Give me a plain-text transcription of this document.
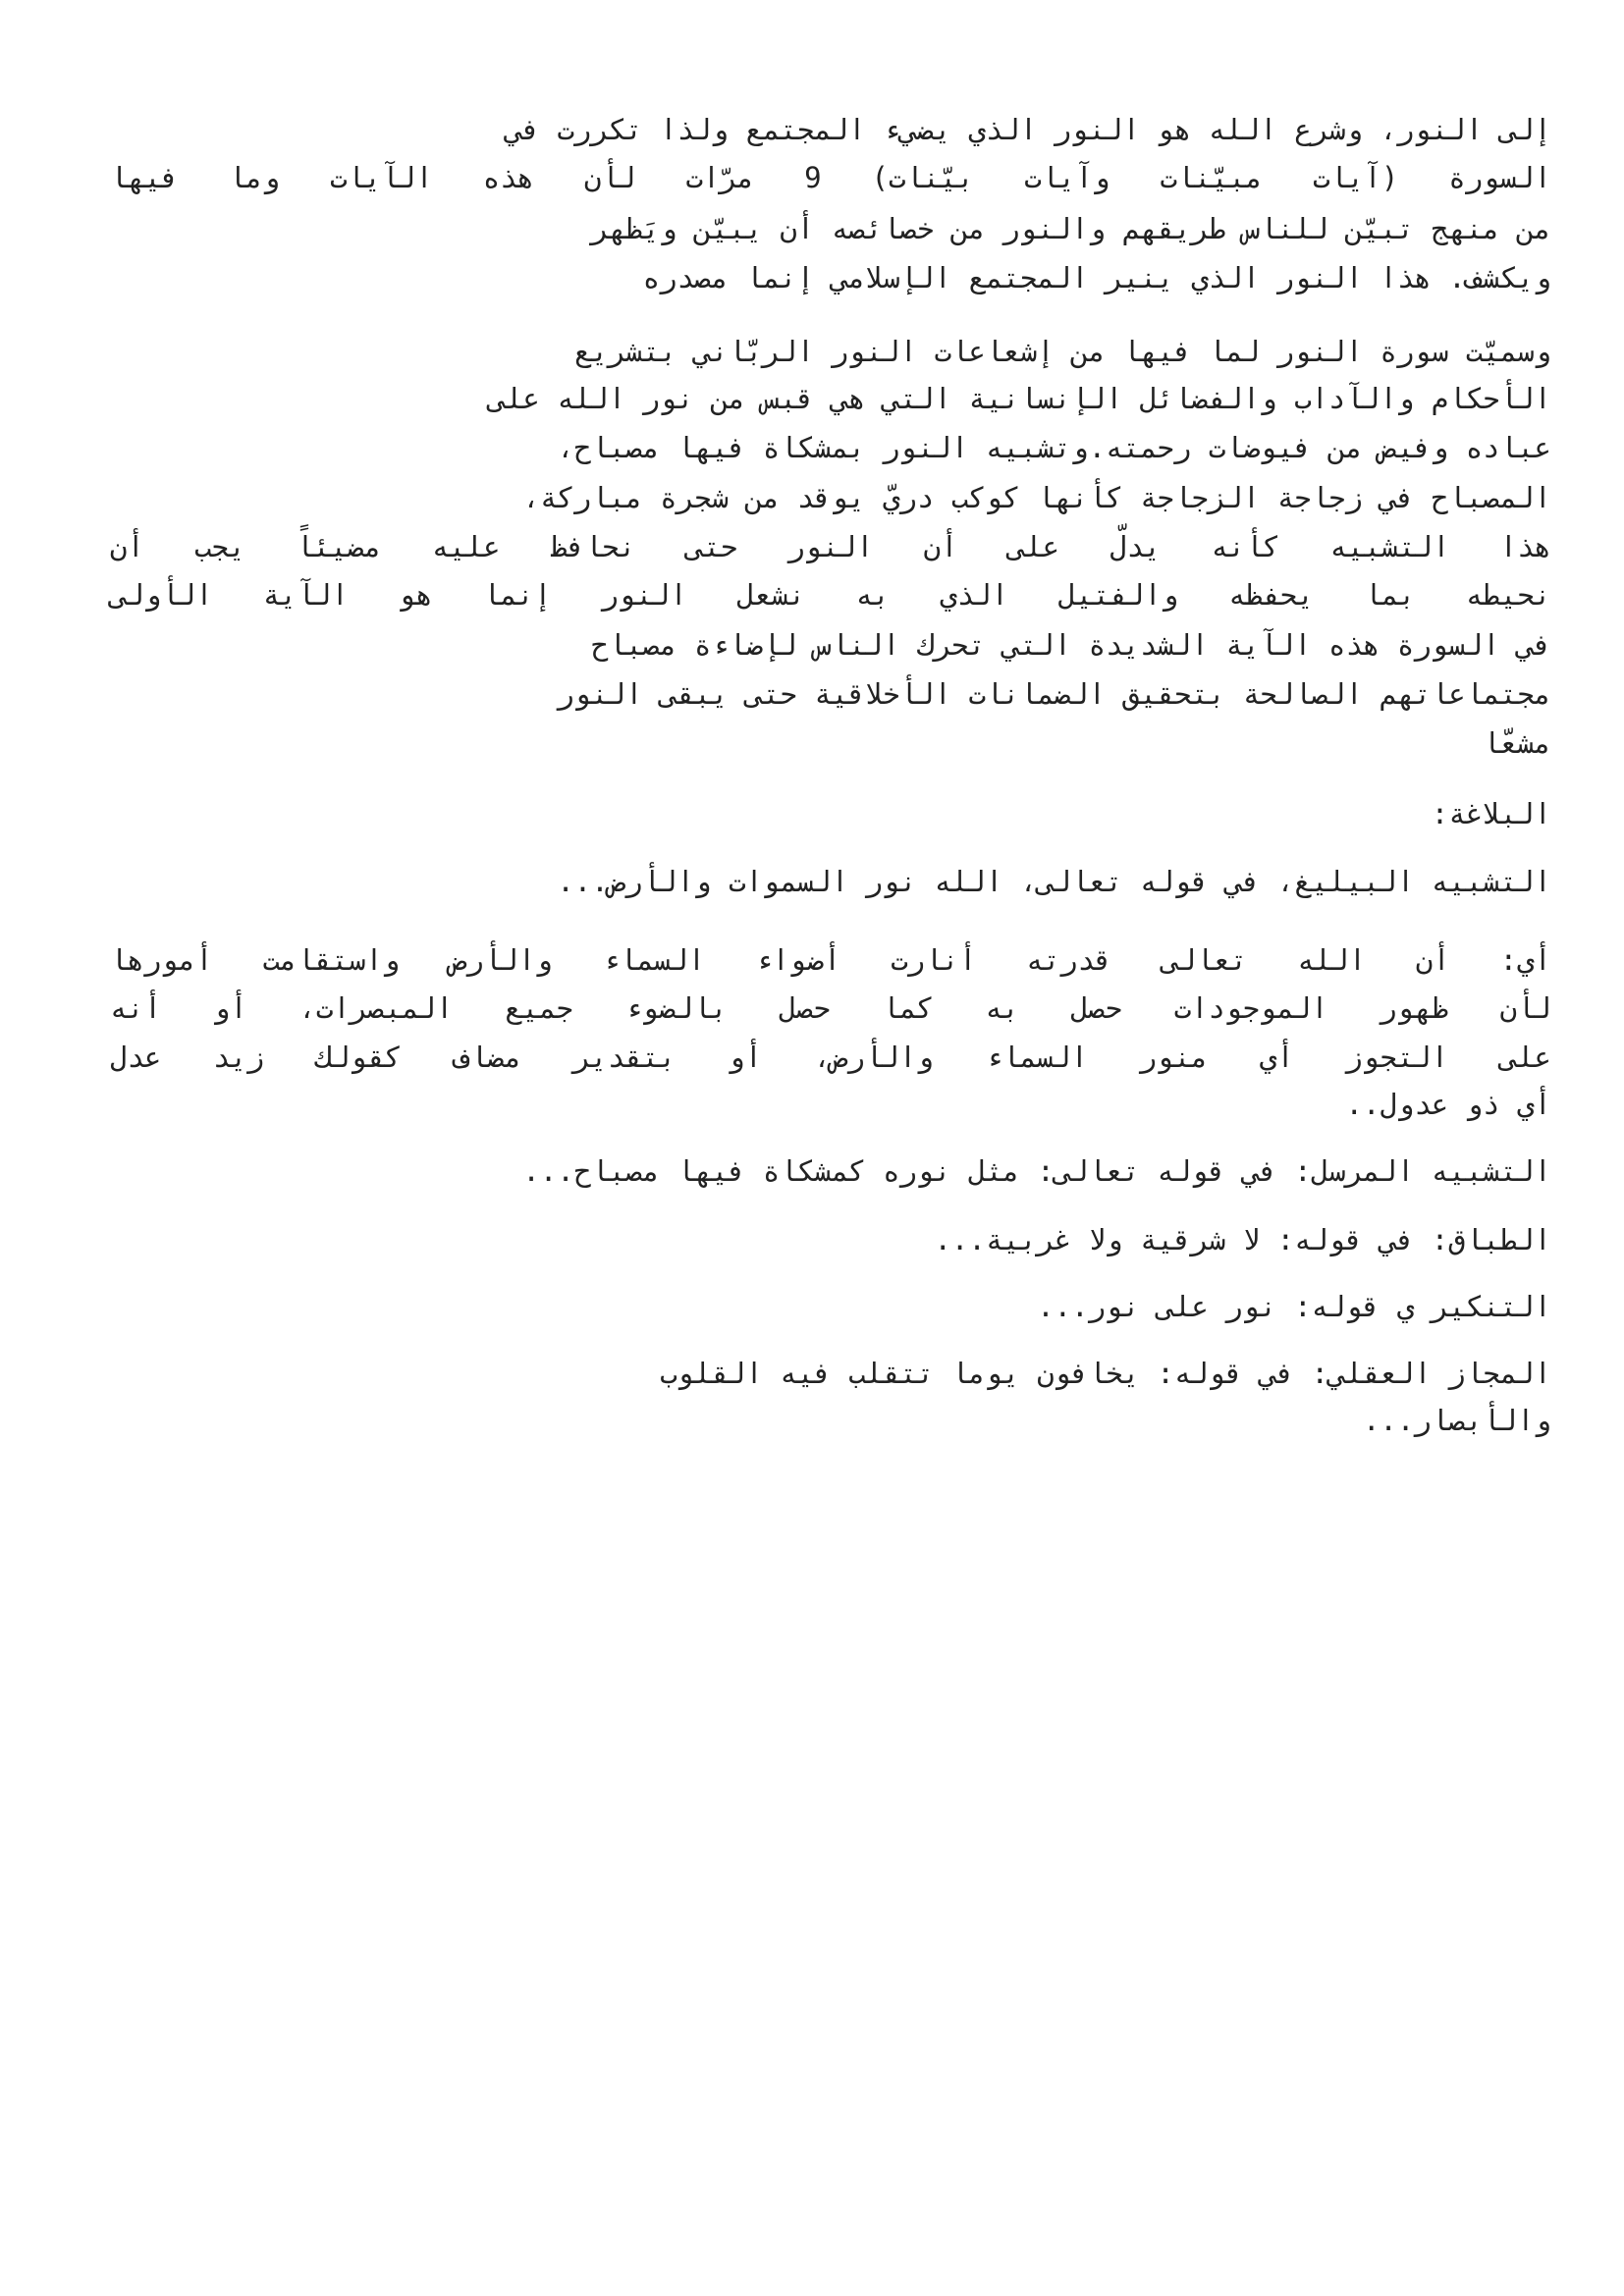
إلى النور، وشرع الله هو النور الذي يضيء المجتمع ولذا تكررت في
السورة (آيات مبيّنات وآيات بيّنات) 9 مرّات لأن هذه الآيات وما فيها
من منهج تبيّن للناس طريقهم والنور من خصائصه أن يبيّن ويَظهر
ويكشف. هذا النور الذي ينير المجتمع الإسلامي إنما مصدره
وسميّت سورة النور لما فيها من إشعاعات النور الربّاني بتشريع
الأحكام والآداب والفضائل الإنسانية التي هي قبس من نور الله على
عباده وفيض من فيوضات رحمته.وتشبيه النور بمشكاة فيها مصباح،
المصباح في زجاجة الزجاجة كأنها كوكب دريّ يوقد من شجرة مباركة،
هذا التشبيه كأنه يدلّ على أن النور حتى نحافظ عليه مضيئاً يجب أن
نحيطه بما يحفظه والفتيل الذي به نشعل النور إنما هو الآية الأولى
في السورة هذه الآية الشديدة التي تحرك الناس لإضاءة مصباح
مجتماعاتهم الصالحة بتحقيق الضمانات الأخلاقية حتى يبقى النور
مشعّا
البلاغة:
التشبيه البيليغ، في قوله تعالى، الله نور السموات والأرض...
أي: أن الله تعالى قدرته أنارت أضواء السماء والأرض واستقامت أمورها
لأن ظهور الموجودات حصل به كما حصل بالضوء جميع المبصرات، أو أنه
على التجوز أي منور السماء والأرض، أو بتقدير مضاف كقولك زيد عدل
أي ذو عدول..
التشبيه المرسل: في قوله تعالى: مثل نوره كمشكاة فيها مصباح...
الطباق: في قوله: لا شرقية ولا غربية...
التنكير ي قوله: نور على نور...
المجاز العقلي: في قوله: يخافون يوما تتقلب فيه القلوب
والأبصار...
